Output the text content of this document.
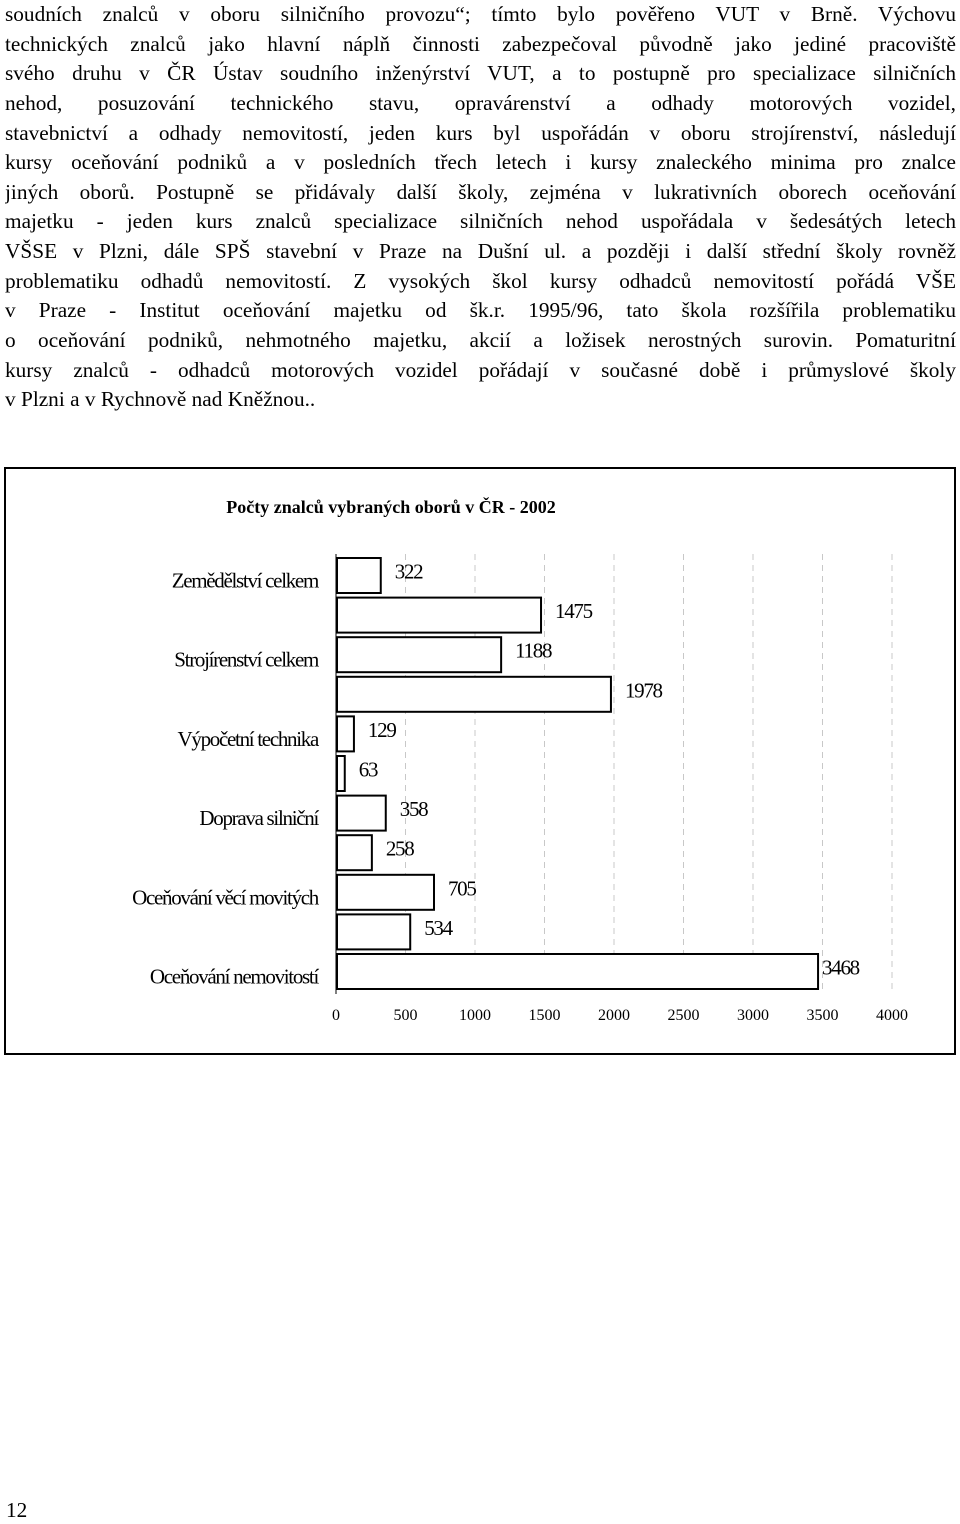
soudních znalců v oboru silničního provozu“; tímto bylo pověřeno VUT v Brně. Výchovu
technických znalců jako hlavní náplň činnosti zabezpečoval původně jako jediné pracoviště
svého druhu v ČR Ústav soudního inženýrství VUT, a to postupně pro specializace silničních
nehod, posuzování technického stavu, opravárenství a odhady motorových vozidel,
stavebnictví a odhady nemovitostí, jeden kurs byl uspořádán v oboru strojírenství, následují
kursy oceňování podniků a v posledních třech letech i kursy znaleckého minima pro znalce
jiných oborů. Postupně se přidávaly další školy, zejména v lukrativních oborech oceňování
majetku - jeden kurs znalců specializace silničních nehod uspořádala v šedesátých letech
VŠSE v Plzni, dále SPŠ stavební v Praze na Dušní ul. a později i další střední školy rovněž
problematiku odhadů nemovitostí. Z vysokých škol kursy odhadců nemovitostí pořádá VŠE
v Praze - Institut oceňování majetku od šk.r. 1995/96, tato škola rozšířila problematiku
o oceňování podniků, nehmotného majetku, akcií a ložisek nerostných surovin. Pomaturitní
kursy znalců - odhadců motorových vozidel pořádají v současné době i průmyslové školy
v Plzni a v Rychnově nad Kněžnou..
Počty znalců vybraných oborů v ČR - 2002
322
Zemědělství celkem
1475
1188
Strojírenství celkem
1978
129
Výpočetní technika
63
358
Doprava silniční
258
705
Oceňování věcí movitých
534
3468
Oceňování nemovitostí
0	500	1000 1500 2000 2500 3000 3500 4000
12
